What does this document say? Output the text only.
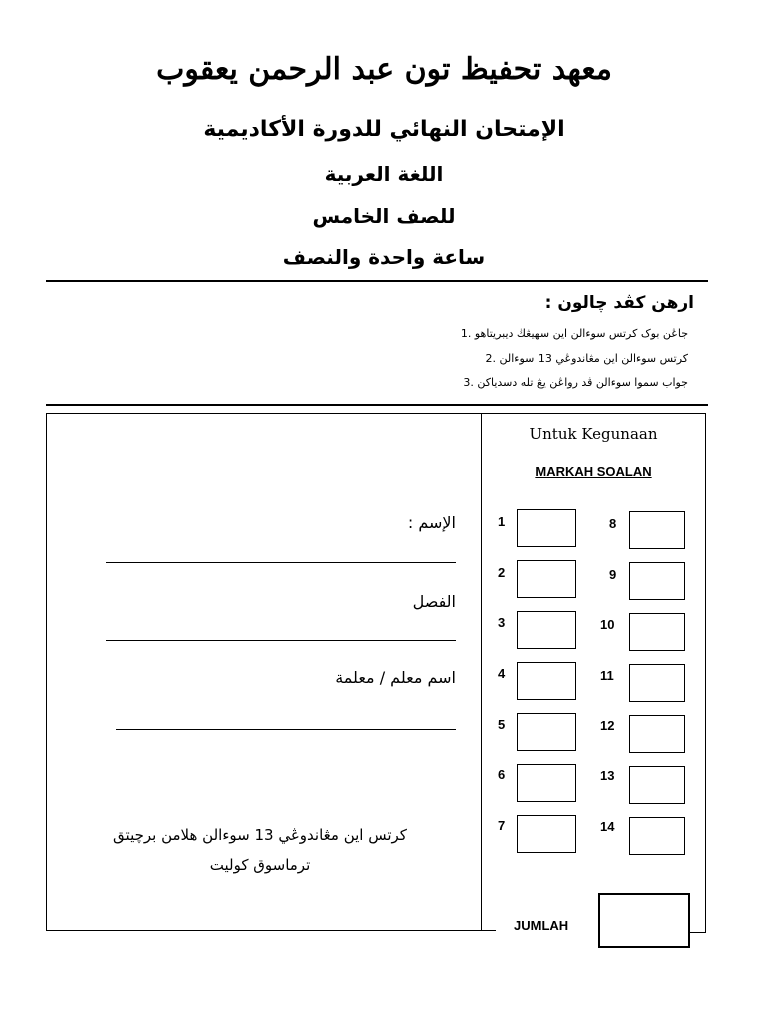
معهد تحفيظ تون عبد الرحمن يعقوب
الإمتحان النهائي للدورة الأكاديمية
اللغة العربية
للصف الخامس
ساعة واحدة والنصف
ارهن كڤد چالون :
جاڠن بوک کرتس سوءالن اين سهيڠڬ ديبريتاهو .1
کرتس سوءالن اين مڠاندوڠي 13 سوءالن .2
جواب سموا سوءالن ڤد رواڠن يڠ تله دسدياکن .3
الإسم :
الفصل
اسم معلم / معلمة
کرتس اين مڠاندوڠي 13 سوءالن هلامن برچيتق
ترماسوق کوليت
Untuk Kegunaan
MARKAH SOALAN
1
2
3
4
5
6
7
8
9
10
11
12
13
14
JUMLAH
